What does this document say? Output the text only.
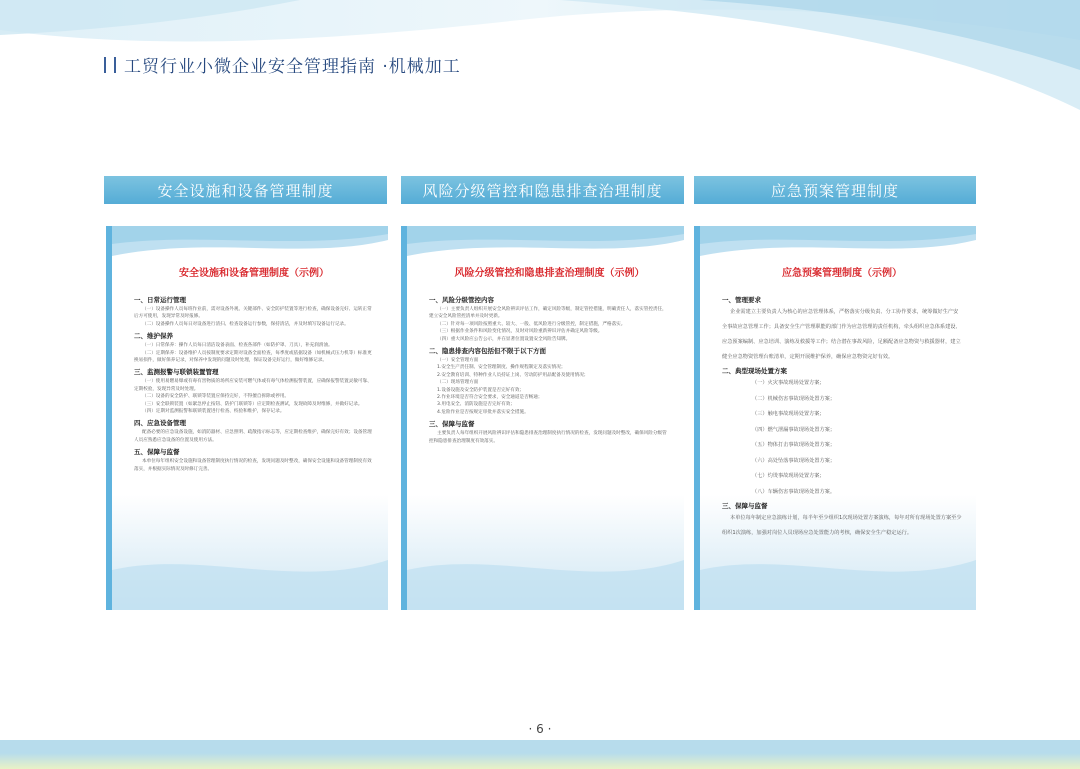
工贸行业小微企业安全管理指南 ·机械加工
安全设施和设备管理制度	风险分级管控和隐患排查治理制度	应急预案管理制度
安全设施和设备管理制度（示例）
一、日常运行管理
（一）设备操作人员每班作业前，需对设备外观、关键部件、安全防护装置等进行检查，确保设备完好、运转正常后方可使用，发现异常及时报修。
（二）设备操作人员每日对设备进行清扫、检查设备运行参数，保持清洁，并及时填写设备运行记录。
二、维护保养
（一）日常保养：操作人员每日清洁设备表面、检查各部件（如防护罩、刀具），补充润滑油。
（二）定期保养：设备维护人员按制度要求定期对设备全面检查，每季度或依据设备（如机械式压力机等）标准更换易损件，做好保养记录，对保养中发现的问题及时处理，保证设备完好运行，做好维修记录。
三、监测报警与联锁装置管理
（一）使用易燃易爆或有毒有害物质的场所应安装可燃气体或有毒气体检测报警装置，应确保报警装置灵敏可靠、定期校验，发现异常及时处理。
（二）设备的安全防护、联锁等装置应保持完好，不得擅自拆除或停用。
（三）安全联锁装置（如紧急停止按钮、防护门联锁等）应定期检查测试，发现故障及时维修，并做好记录。
（四）定期对监测报警和联锁装置进行检查、校验和维护，保存记录。
四、应急设备管理
配备必要的应急设备设施，如消防器材、应急照明、疏散指示标志等，应定期检查维护，确保完好有效；设备管理人员应熟悉应急设备的位置及使用方法。
五、保障与监督
本单位每年组织安全设施和设备管理制度执行情况的检查，发现问题及时整改，确保安全设施和设备管理制度有效落实，并根据实际情况及时修订完善。
风险分级管控和隐患排查治理制度（示例）
一、风险分级管控内容
（一）主要负责人组织开展安全风险辨识评估工作，确定风险等级，制定管控措施，明确责任人，落实管控责任，建立安全风险管控清单并及时更新。
（二）针对每一项风险按照重大、较大、一般、低风险进行分级管控，制定措施，严格落实。
（三）根据作业条件和风险变化情况，及时对风险重新辨识评估并确定风险等级。
（四）重大风险应公告公示，并在显著位置设置安全风险告知牌。
二、隐患排查内容包括但不限于以下方面
（一）安全管理方面
1.安全生产责任制、安全管理制度、操作规程制定及落实情况；
2.安全教育培训、特种作业人员持证上岗、劳动防护用品配备及使用情况；
（二）现场管理方面
1.设备设施及安全防护装置是否完好有效；
2.作业环境是否符合安全要求，安全通道是否畅通；
3.用电安全、消防设施是否完好有效；
4.危险作业是否按规定审批并落实安全措施。
三、保障与监督
主要负责人每年组织开展风险辨识评估和隐患排查治理制度执行情况的检查，发现问题及时整改，确保风险分级管控和隐患排查治理制度有效落实。
应急预案管理制度（示例）
一、管理要求
企业需建立主要负责人为核心的应急管理体系，严格落实分级负责、分工协作要求，统筹做好生产安全事故应急管理工作；具备安全生产管理职能的部门作为应急管理的责任机构，牵头组织应急体系建设、应急预案编制、应急培训、演练及救援等工作；结合潜在事故风险，足额配备应急物资与救援器材，建立健全应急物资管理台账清单，定期开展维护保养，确保应急物资完好有效。
二、典型现场处置方案
（一）火灾事故现场处置方案；
（二）机械伤害事故现场处置方案；
（三）触电事故现场处置方案；
（四）燃气泄漏事故现场处置方案；
（五）物体打击事故现场处置方案；
（六）高处坠落事故现场处置方案；
（七）灼烫事故现场处置方案；
（八）车辆伤害事故现场处置方案。
三、保障与监督
本单位每年制定应急演练计划，每半年至少组织1次现场处置方案演练，每年对所有现场处置方案至少组织1次演练，加强对岗位人员现场应急处置能力的考核，确保安全生产稳定运行。
· 6 ·
